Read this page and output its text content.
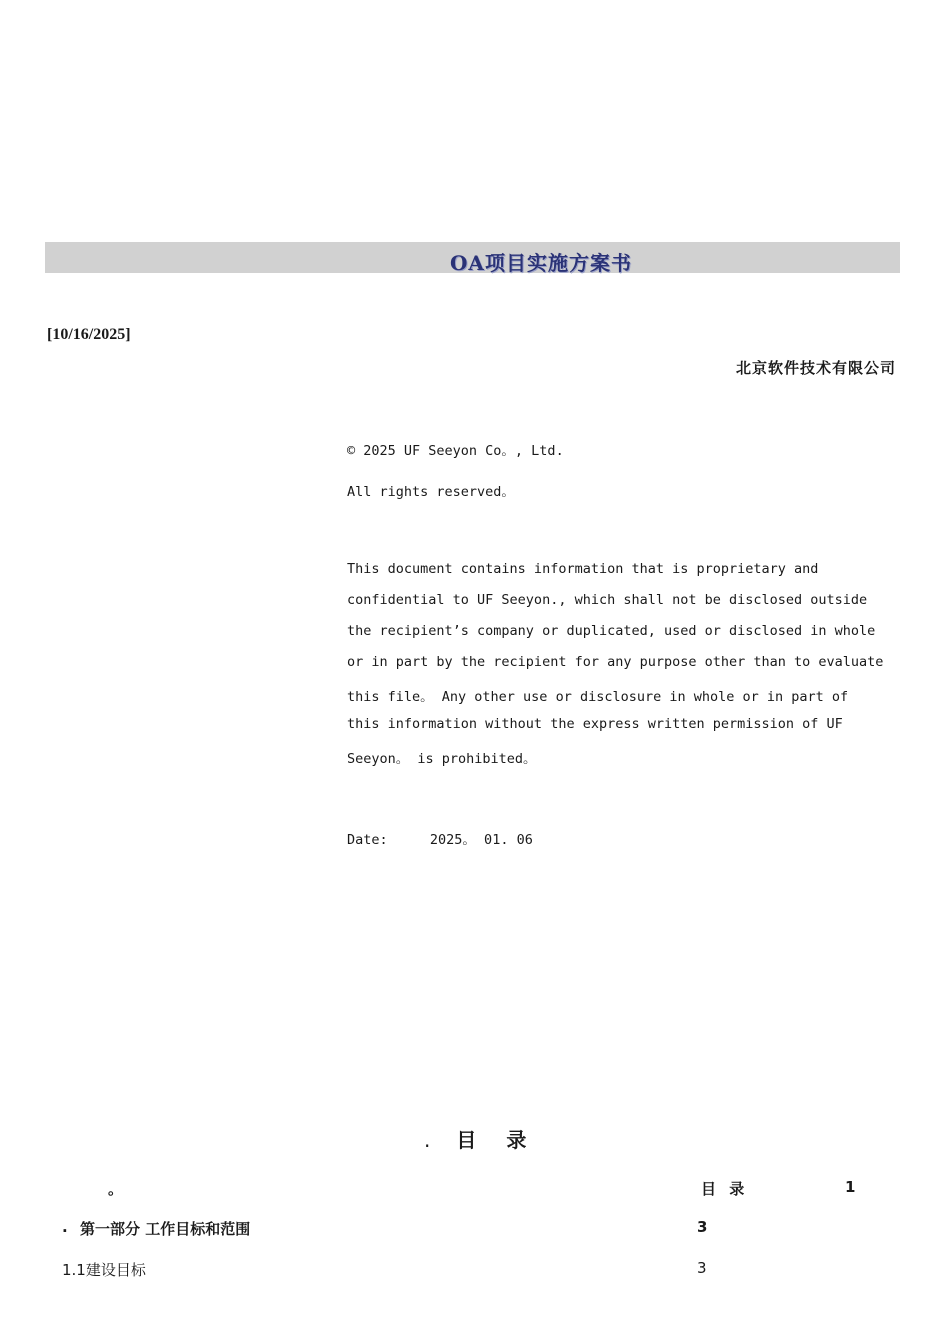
OA项目实施方案书
[10/16/2025]
北京软件技术有限公司
© 2025 UF Seeyon Co。, Ltd.
All rights reserved。
This document contains information that is proprietary and
confidential to UF Seeyon., which shall not be disclosed outside
the recipient’s company or duplicated, used or disclosed in whole
or in part by the recipient for any purpose other than to evaluate
this file。 Any other use or disclosure in whole or in part of
this information without the express written permission of UF
Seeyon。 is prohibited。
Date:	2025。 01. 06
. 目 录
。	目 录	1
. 第一部分 工作目标和范围	3
1.1建设目标	3
